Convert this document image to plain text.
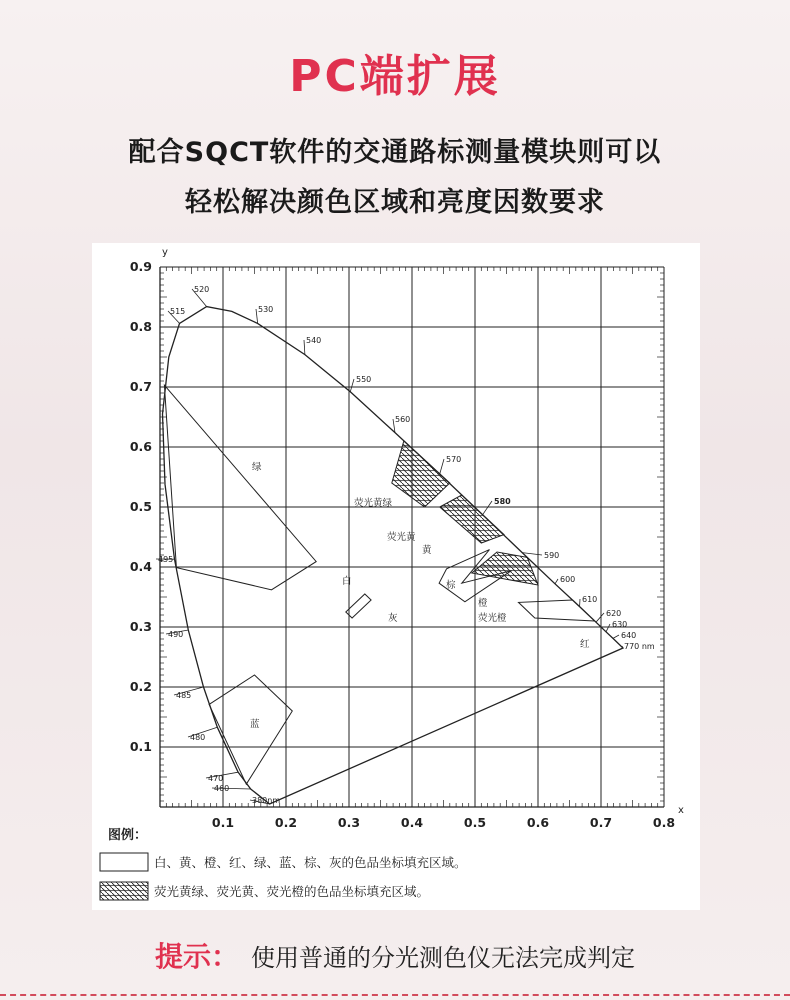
PC端扩展
配合SQCT软件的交通路标测量模块则可以
轻松解决颜色区域和亮度因数要求
0.1	0.2	0.3	0.4	0.5	0.6	0.7	0.8
0.1
0.2
0.3
0.4
0.5
0.6
0.7
0.8
0.9
y
x
380nm
460
470
480
485
490
495
515
520
530
540
550
560
570
580
590
600
610
620
630
640
770 nm
绿
荧光黄绿
荧光黄
黄
棕
橙
荧光橙
红
白
灰
蓝
图例：
白、黄、橙、红、绿、蓝、棕、灰的色品坐标填充区域。
荧光黄绿、荧光黄、荧光橙的色品坐标填充区域。
提示： 使用普通的分光测色仪无法完成判定
